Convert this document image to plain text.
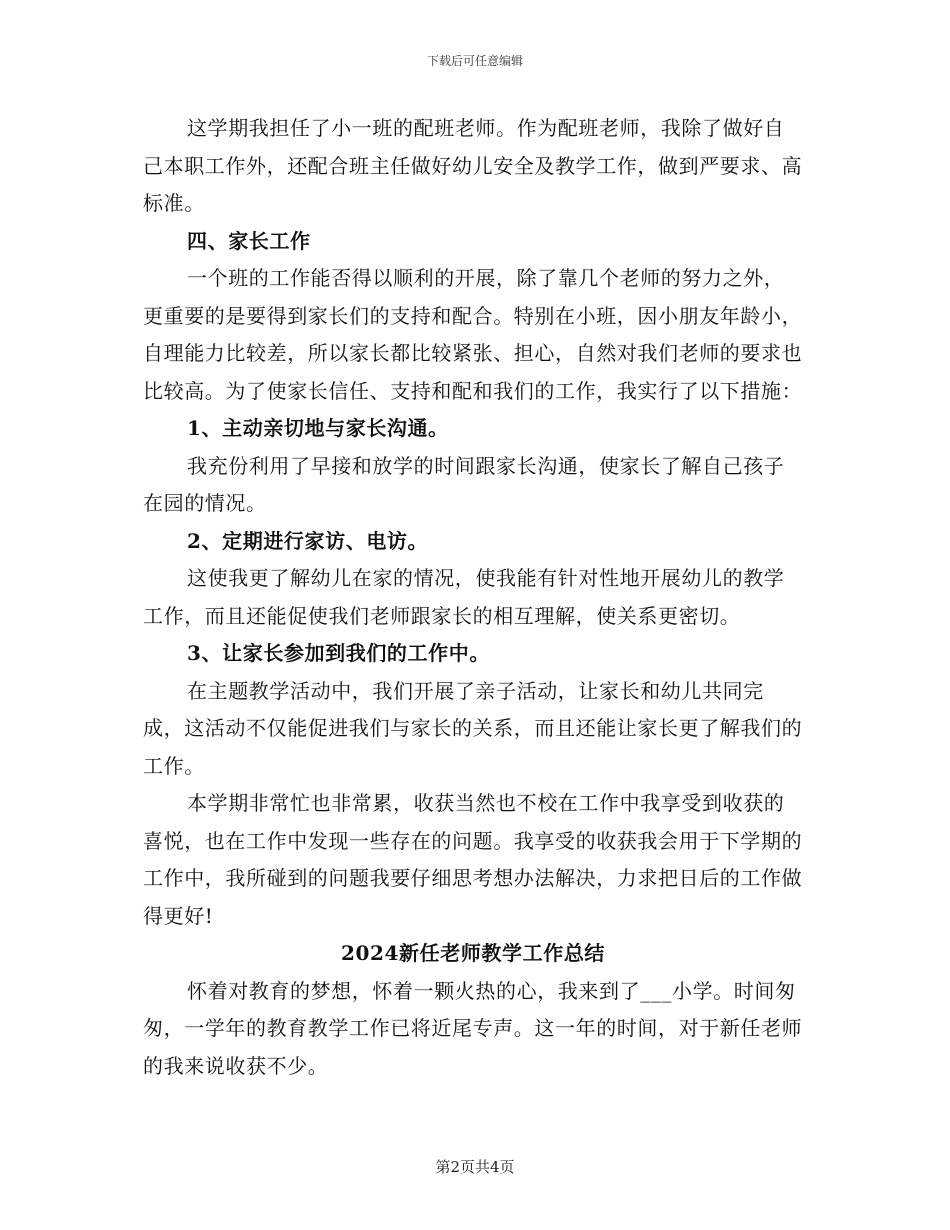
下载后可任意编辑

这学期我担任了小一班的配班老师。作为配班老师，我除了做好自己本职工作外，还配合班主任做好幼儿安全及教学工作，做到严要求、高标准。

四、家长工作

一个班的工作能否得以顺利的开展，除了靠几个老师的努力之外，更重要的是要得到家长们的支持和配合。特别在小班，因小朋友年龄小，自理能力比较差，所以家长都比较紧张、担心，自然对我们老师的要求也比较高。为了使家长信任、支持和配和我们的工作，我实行了以下措施：

1、主动亲切地与家长沟通。

我充份利用了早接和放学的时间跟家长沟通，使家长了解自己孩子在园的情况。

2、定期进行家访、电访。

这使我更了解幼儿在家的情况，使我能有针对性地开展幼儿的教学工作，而且还能促使我们老师跟家长的相互理解，使关系更密切。

3、让家长参加到我们的工作中。

在主题教学活动中，我们开展了亲子活动，让家长和幼儿共同完成，这活动不仅能促进我们与家长的关系，而且还能让家长更了解我们的工作。

本学期非常忙也非常累，收获当然也不校在工作中我享受到收获的喜悦，也在工作中发现一些存在的问题。我享受的收获我会用于下学期的工作中，我所碰到的问题我要仔细思考想办法解决，力求把日后的工作做得更好!

2024新任老师教学工作总结

怀着对教育的梦想，怀着一颗火热的心，我来到了___小学。时间匆匆，一学年的教育教学工作已将近尾专声。这一年的时间，对于新任老师的我来说收获不少。

第2页共4页
